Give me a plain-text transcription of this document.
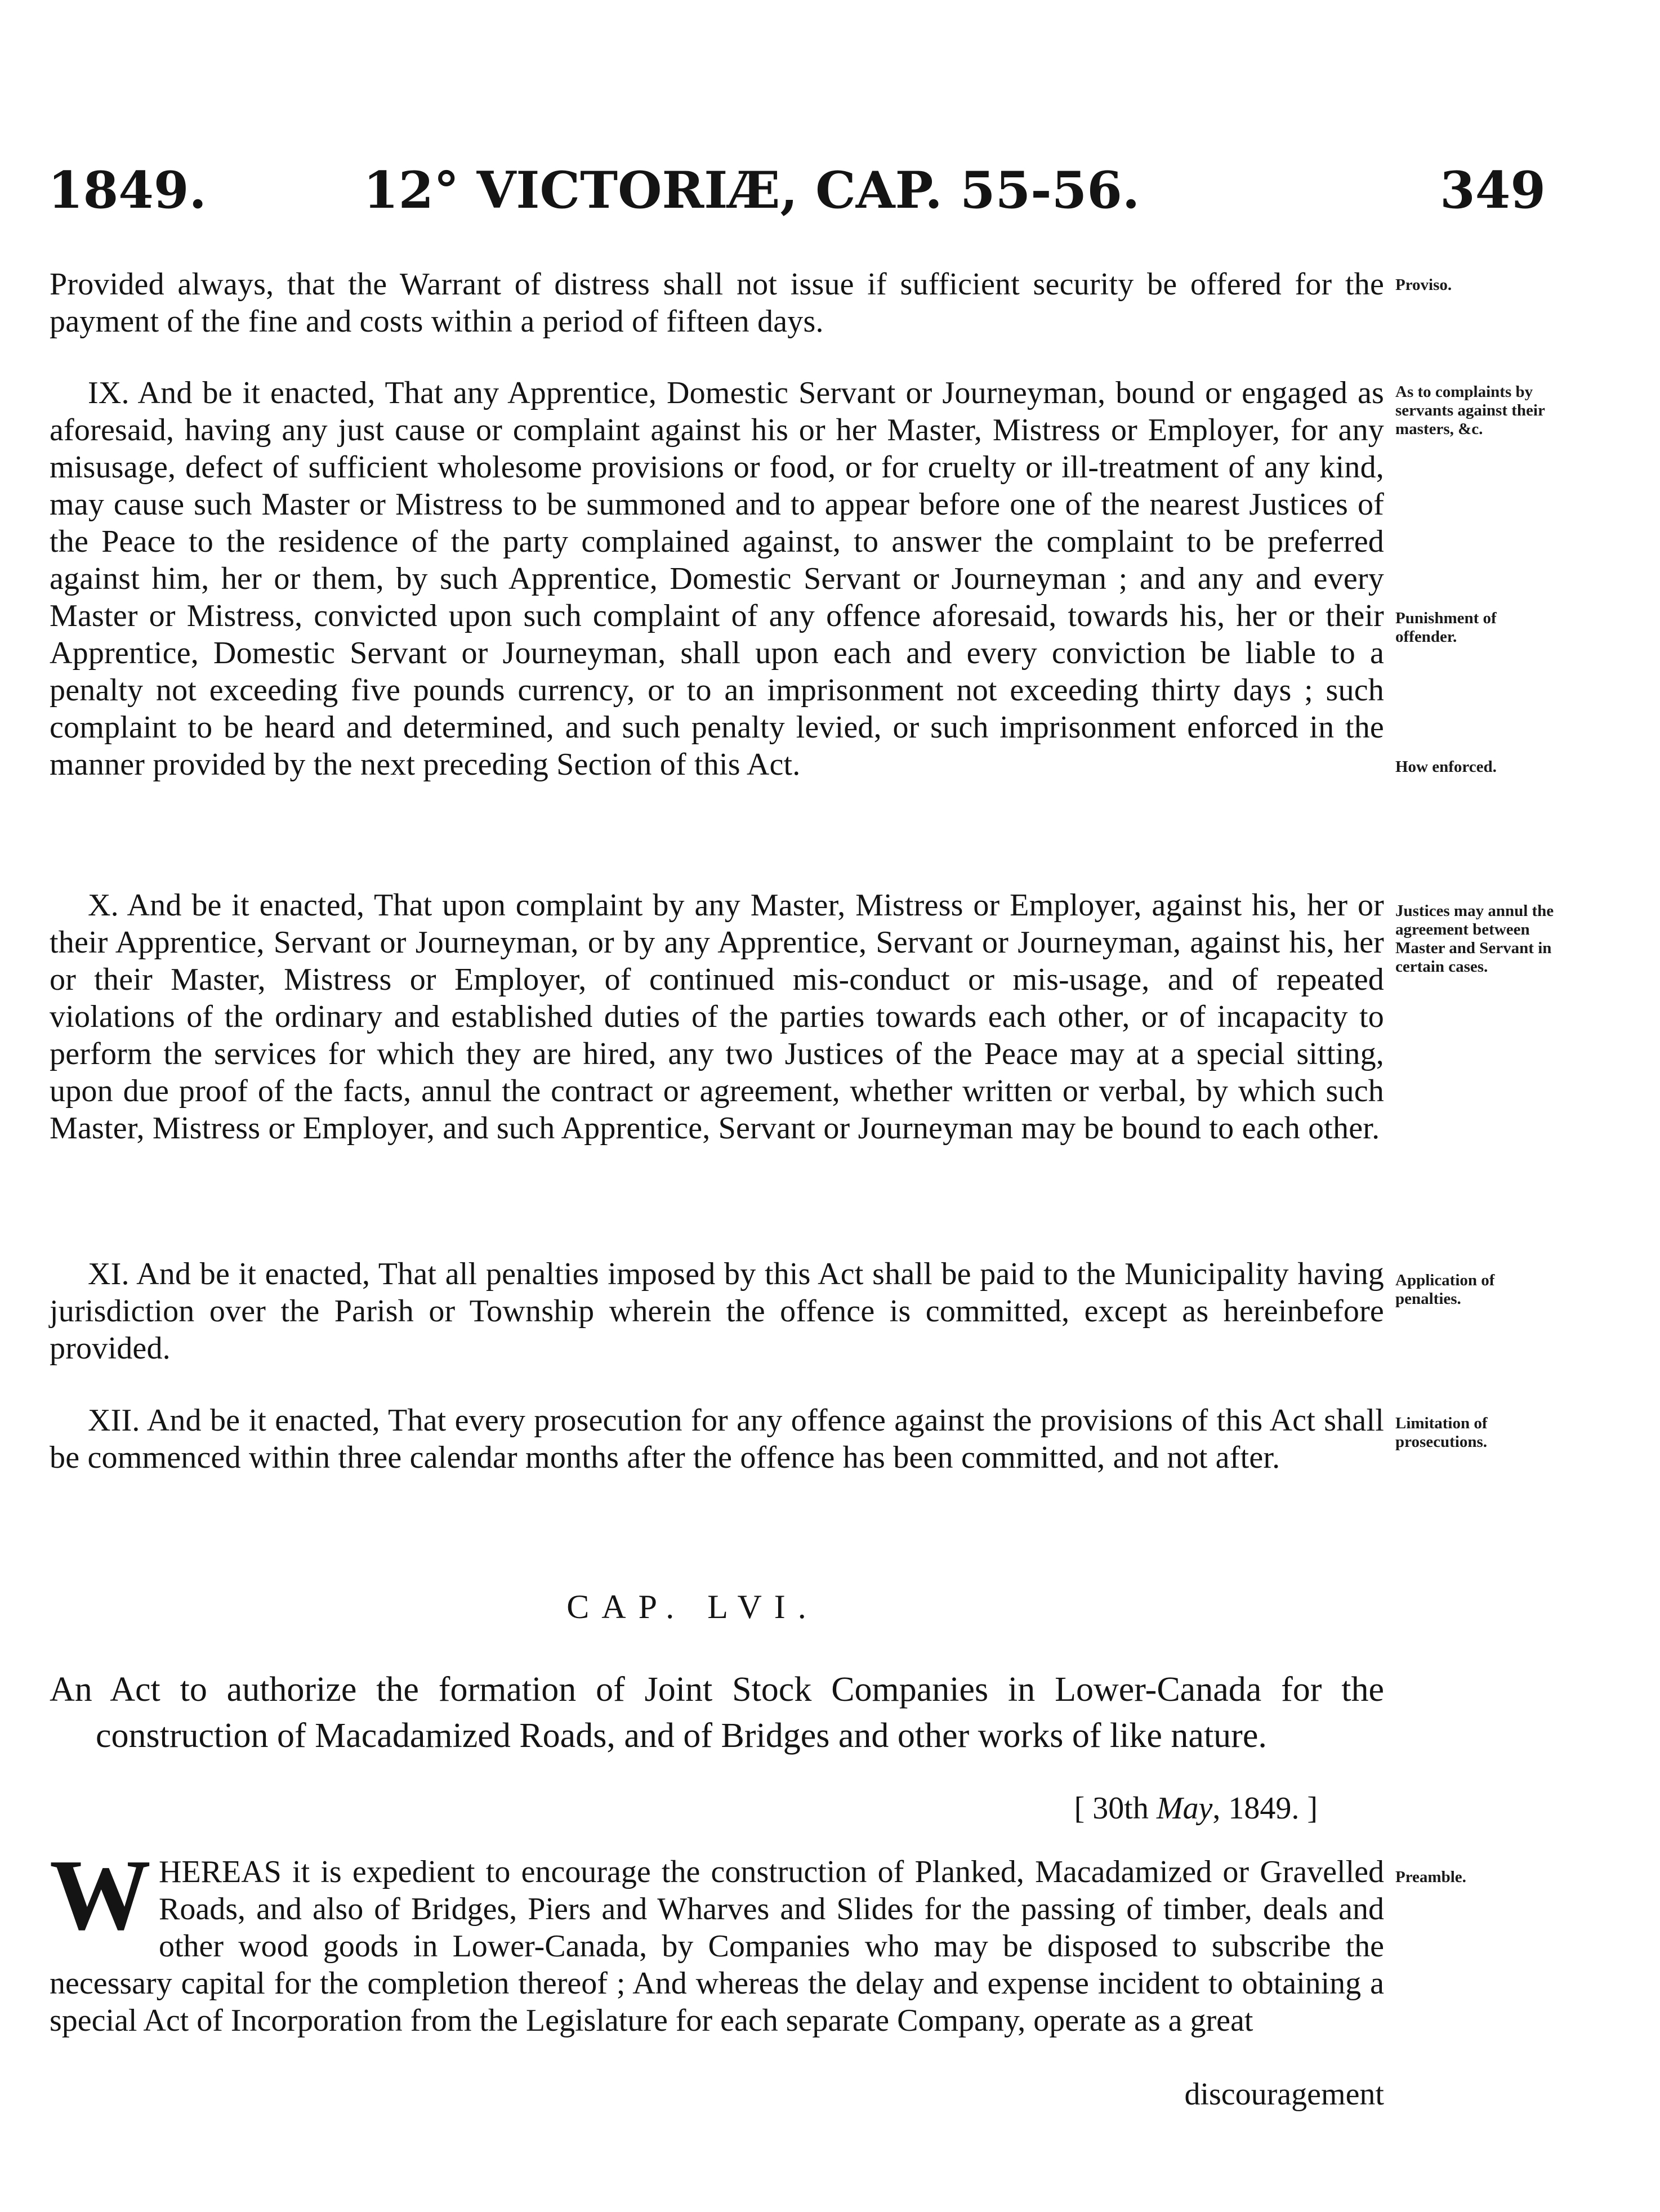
1849.	12° VICTORIÆ, CAP. 55-56.	349
Provided always, that the Warrant of distress shall not issue if sufficient security be offered for the payment of the fine and costs within a period of fifteen days.
Proviso.
IX. And be it enacted, That any Apprentice, Domestic Servant or Journeyman, bound or engaged as aforesaid, having any just cause or complaint against his or her Master, Mistress or Employer, for any misusage, defect of sufficient wholesome provisions or food, or for cruelty or ill-treatment of any kind, may cause such Master or Mistress to be summoned and to appear before one of the nearest Justices of the Peace to the residence of the party complained against, to answer the complaint to be preferred against him, her or them, by such Apprentice, Domestic Servant or Journeyman ; and any and every Master or Mistress, convicted upon such complaint of any offence aforesaid, towards his, her or their Apprentice, Domestic Servant or Journeyman, shall upon each and every conviction be liable to a penalty not exceeding five pounds currency, or to an imprisonment not exceeding thirty days ; such complaint to be heard and determined, and such penalty levied, or such imprisonment enforced in the manner provided by the next preceding Section of this Act.
As to complaints by servants against their masters, &c.
Punishment of offender.
How enforced.
X. And be it enacted, That upon complaint by any Master, Mistress or Employer, against his, her or their Apprentice, Servant or Journeyman, or by any Apprentice, Servant or Journeyman, against his, her or their Master, Mistress or Employer, of continued mis-conduct or mis-usage, and of repeated violations of the ordinary and established duties of the parties towards each other, or of incapacity to perform the services for which they are hired, any two Justices of the Peace may at a special sitting, upon due proof of the facts, annul the contract or agreement, whether written or verbal, by which such Master, Mistress or Employer, and such Apprentice, Servant or Journeyman may be bound to each other.
Justices may annul the agreement between Master and Servant in certain cases.
XI. And be it enacted, That all penalties imposed by this Act shall be paid to the Municipality having jurisdiction over the Parish or Township wherein the offence is committed, except as hereinbefore provided.
Application of penalties.
XII. And be it enacted, That every prosecution for any offence against the provisions of this Act shall be commenced within three calendar months after the offence has been committed, and not after.
Limitation of prosecutions.
CAP. LVI.
An Act to authorize the formation of Joint Stock Companies in Lower-Canada for the construction of Macadamized Roads, and of Bridges and other works of like nature.
[ 30th May, 1849. ]
WHEREAS it is expedient to encourage the construction of Planked, Macadamized or Gravelled Roads, and also of Bridges, Piers and Wharves and Slides for the passing of timber, deals and other wood goods in Lower-Canada, by Companies who may be disposed to subscribe the necessary capital for the completion thereof ; And whereas the delay and expense incident to obtaining a special Act of Incorporation from the Legislature for each separate Company, operate as a great
Preamble.
discouragement
